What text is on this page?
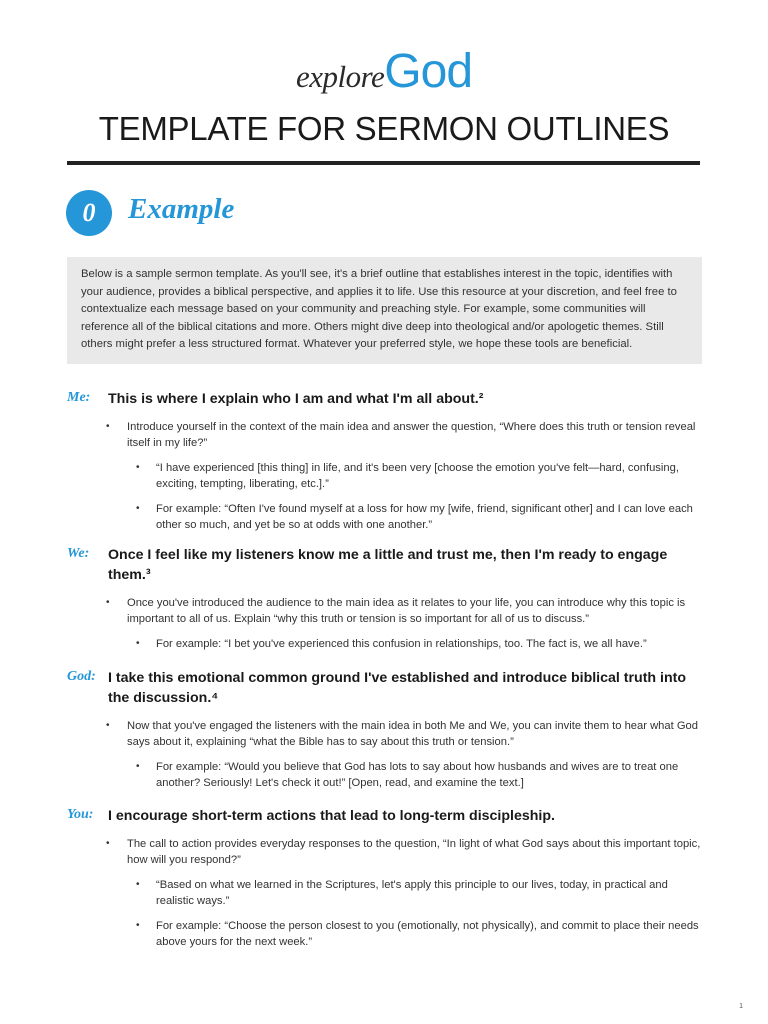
exploreGod
TEMPLATE FOR SERMON OUTLINES
0	Example
Below is a sample sermon template. As you'll see, it's a brief outline that establishes interest in the topic, identifies with your audience, provides a biblical perspective, and applies it to life. Use this resource at your discretion, and feel free to contextualize each message based on your community and preaching style. For example, some communities will reference all of the biblical citations and more. Others might dive deep into theological and/or apologetic themes. Still others might prefer a less structured format. Whatever your preferred style, we hope these tools are beneficial.
Me: This is where I explain who I am and what I'm all about.²
• Introduce yourself in the context of the main idea and answer the question, “Where does this truth or tension reveal itself in my life?”
• “I have experienced [this thing] in life, and it's been very [choose the emotion you've felt—hard, confusing, exciting, tempting, liberating, etc.].”
• For example: “Often I've found myself at a loss for how my [wife, friend, significant other] and I can love each other so much, and yet be so at odds with one another.”
We: Once I feel like my listeners know me a little and trust me, then I'm ready to engage them.³
• Once you've introduced the audience to the main idea as it relates to your life, you can introduce why this topic is important to all of us. Explain “why this truth or tension is so important for all of us to discuss.”
• For example: “I bet you've experienced this confusion in relationships, too. The fact is, we all have.”
God: I take this emotional common ground I've established and introduce biblical truth into the discussion.⁴
• Now that you've engaged the listeners with the main idea in both Me and We, you can invite them to hear what God says about it, explaining “what the Bible has to say about this truth or tension.”
• For example: “Would you believe that God has lots to say about how husbands and wives are to treat one another? Seriously! Let's check it out!” [Open, read, and examine the text.]
You: I encourage short-term actions that lead to long-term discipleship.
• The call to action provides everyday responses to the question, “In light of what God says about this important topic, how will you respond?”
• “Based on what we learned in the Scriptures, let's apply this principle to our lives, today, in practical and realistic ways.”
• For example: “Choose the person closest to you (emotionally, not physically), and commit to place their needs above yours for the next week.”
1
